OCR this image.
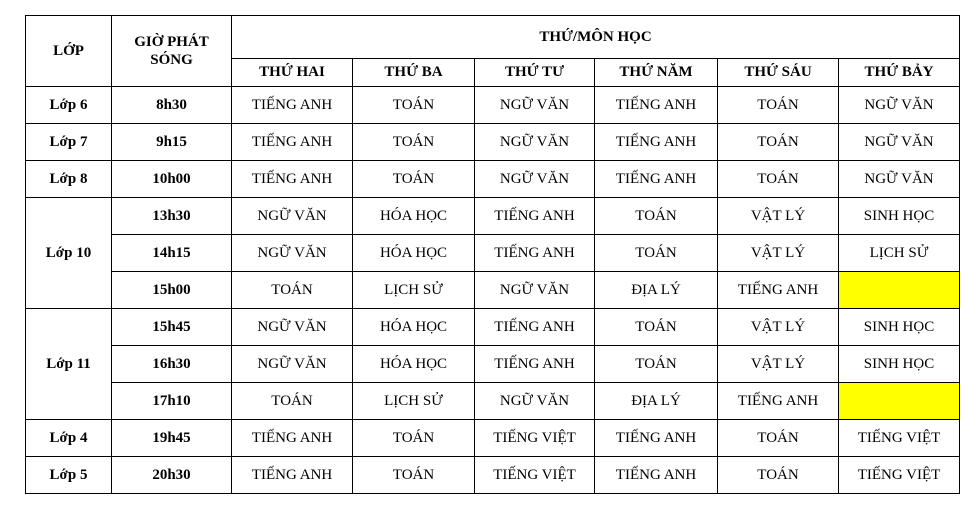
LỚP	GIỜ PHÁT SÓNG	THỨ/MÔN HỌC					
		THỨ HAI	THỨ BA	THỨ TƯ	THỨ NĂM	THỨ SÁU	THỨ BẢY
Lớp 6	8h30	TIẾNG ANH	TOÁN	NGỮ VĂN	TIẾNG ANH	TOÁN	NGỮ VĂN
Lớp 7	9h15	TIẾNG ANH	TOÁN	NGỮ VĂN	TIẾNG ANH	TOÁN	NGỮ VĂN
Lớp 8	10h00	TIẾNG ANH	TOÁN	NGỮ VĂN	TIẾNG ANH	TOÁN	NGỮ VĂN
Lớp 10	13h30	NGỮ VĂN	HÓA HỌC	TIẾNG ANH	TOÁN	VẬT LÝ	SINH HỌC
	14h15	NGỮ VĂN	HÓA HỌC	TIẾNG ANH	TOÁN	VẬT LÝ	LỊCH SỬ
	15h00	TOÁN	LỊCH SỬ	NGỮ VĂN	ĐỊA LÝ	TIẾNG ANH	
Lớp 11	15h45	NGỮ VĂN	HÓA HỌC	TIẾNG ANH	TOÁN	VẬT LÝ	SINH HỌC
	16h30	NGỮ VĂN	HÓA HỌC	TIẾNG ANH	TOÁN	VẬT LÝ	SINH HỌC
	17h10	TOÁN	LỊCH SỬ	NGỮ VĂN	ĐỊA LÝ	TIẾNG ANH	
Lớp 4	19h45	TIẾNG ANH	TOÁN	TIẾNG VIỆT	TIẾNG ANH	TOÁN	TIẾNG VIỆT
Lớp 5	20h30	TIẾNG ANH	TOÁN	TIẾNG VIỆT	TIẾNG ANH	TOÁN	TIẾNG VIỆT
